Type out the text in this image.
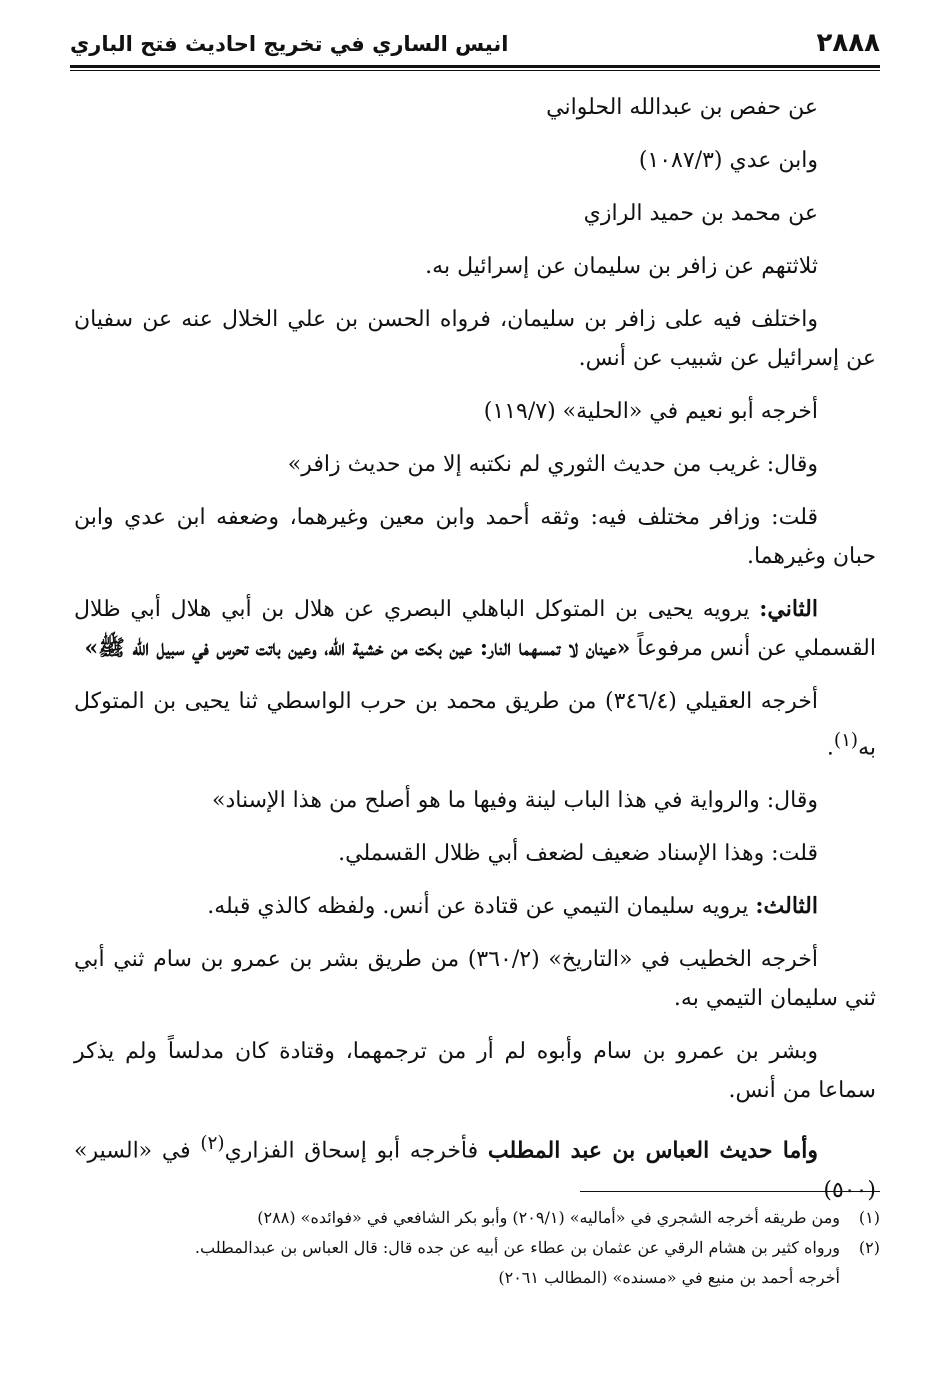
٢٨٨٨
انيس الساري في تخريج احاديث فتح الباري

عن حفص بن عبدالله الحلواني

وابن عدي (١٠٨٧/٣)

عن محمد بن حميد الرازي

ثلاثتهم عن زافر بن سليمان عن إسرائيل به.

واختلف فيه على زافر بن سليمان، فرواه الحسن بن علي الخلال عنه عن سفيان عن إسرائيل عن شبيب عن أنس.

أخرجه أبو نعيم في «الحلية» (١١٩/٧)

وقال: غريب من حديث الثوري لم نكتبه إلا من حديث زافر»

قلت: وزافر مختلف فيه: وثقه أحمد وابن معين وغيرهما، وضعفه ابن عدي وابن حبان وغيرهما.

الثاني: يرويه يحيى بن المتوكل الباهلي البصري عن هلال بن أبي هلال أبي ظلال القسملي عن أنس مرفوعاً «عينان لا تمسهما النار: عين بكت من خشية الله، وعين باتت تحرس في سبيل الله ﷺ»

أخرجه العقيلي (٣٤٦/٤) من طريق محمد بن حرب الواسطي ثنا يحيى بن المتوكل به$^{(١)}$.

وقال: والرواية في هذا الباب لينة وفيها ما هو أصلح من هذا الإسناد»

قلت: وهذا الإسناد ضعيف لضعف أبي ظلال القسملي.

الثالث: يرويه سليمان التيمي عن قتادة عن أنس. ولفظه كالذي قبله.

أخرجه الخطيب في «التاريخ» (٣٦٠/٢) من طريق بشر بن عمرو بن سام ثني أبي ثني سليمان التيمي به.

وبشر بن عمرو بن سام وأبوه لم أر من ترجمهما، وقتادة كان مدلساً ولم يذكر سماعا من أنس.

وأما حديث العباس بن عبد المطلب فأخرجه أبو إسحاق الفزاري$^{(٢)}$ في «السير» (٥٠٠)

(١)
ومن طريقه أخرجه الشجري في «أماليه» (٢٠٩/١) وأبو بكر الشافعي في «فوائده» (٢٨٨)
(٢)
ورواه كثير بن هشام الرقي عن عثمان بن عطاء عن أبيه عن جده قال: قال العباس بن عبدالمطلب.

أخرجه أحمد بن منيع في «مسنده» (المطالب ٢٠٦١)
